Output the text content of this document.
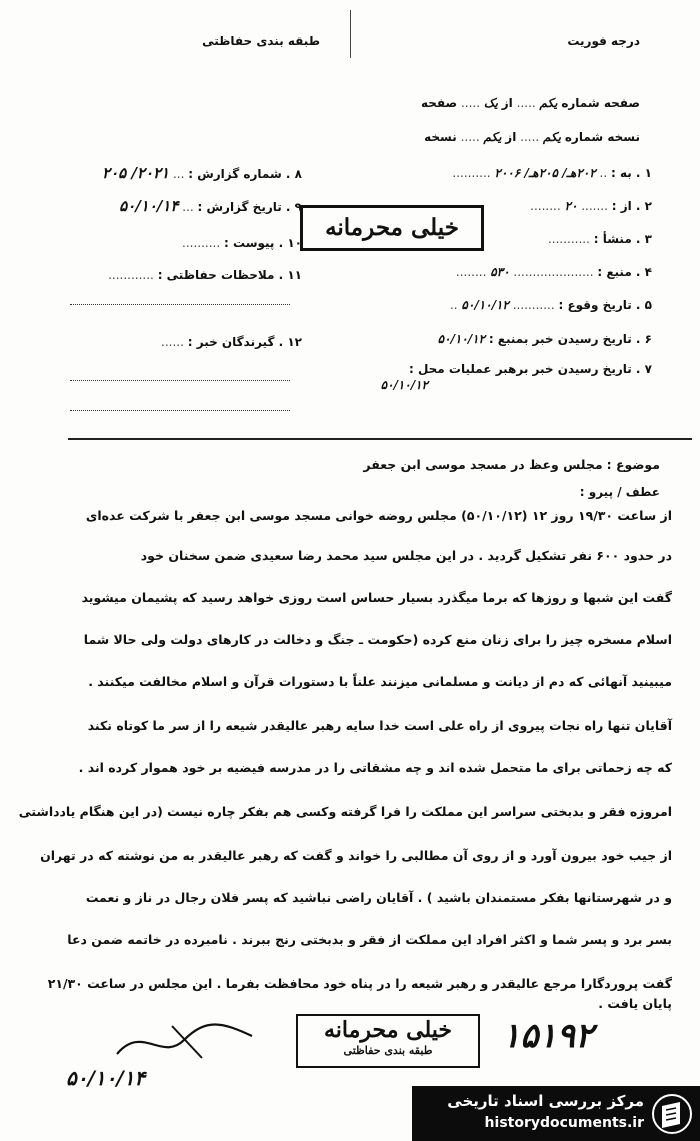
طبقه بندی حفاظتی	درجه فوریت
صفحه شماره یکم ..... از یک ..... صفحه
نسخه شماره یکم ..... از یکم ..... نسخه
۱ . به : .. ۲۰۲هـ/ ۲۰۵هـ/ ۲۰۰۶ ..........
۲ . از : ....... ۲۰ ........
۳ . منشأ : ...........
۴ . منبع : ..................... ۵۳۰ ........
۵ . تاریخ وقوع : ........... ۵۰/۱۰/۱۲ ..
۶ . تاریخ رسیدن خبر بمنبع : ۵۰/۱۰/۱۲
۷ . تاریخ رسیدن خبر برهبر عملیات محل :
۵۰/۱۰/۱۲
۸ . شماره گزارش : ... ۲۰۲۱/ ۲۰۵
۹ . تاریخ گزارش : ... ۵۰/۱۰/۱۴
۱۰ . پیوست : ..........
۱۱ . ملاحظات حفاظتی : ............
۱۲ . گیرندگان خبر : ......
خیلی محرمانه
موضوع : مجلس وعظ در مسجد موسی ابن جعفر
عطف / پیرو :
از ساعت ۱۹/۳۰ روز ۱۲ (۵۰/۱۰/۱۲) مجلس روضه خوانی مسجد موسی ابن جعفر با شرکت عده‌ای
در حدود ۶۰۰ نفر تشکیل گردید . در این مجلس سید محمد رضا سعیدی ضمن سخنان خود
گفت این شبها و روزها که برما میگذرد بسیار حساس است روزی خواهد رسید که پشیمان میشوید
اسلام مسخره چیز را برای زنان منع کرده (حکومت ـ جنگ و دخالت در کارهای دولت ولی حالا شما
میبینید آنهائی که دم از دیانت و مسلمانی میزنند علناً با دستورات قرآن و اسلام مخالفت میکنند .
آقایان تنها راه نجات پیروی از راه علی است خدا سایه رهبر عالیقدر شیعه را از سر ما کوتاه نکند
که چه زحماتی برای ما متحمل شده اند و چه مشقاتی را در مدرسه فیضیه بر خود هموار کرده اند .
امروزه فقر و بدبختی سراسر این مملکت را فرا گرفته وکسی هم بفکر چاره نیست (در این هنگام یادداشتی
از جیب خود بیرون آورد و از روی آن مطالبی را خواند و گفت که رهبر عالیقدر به من نوشته که در تهران
و در شهرستانها بفکر مستمندان باشید ) . آقایان راضی نباشید که پسر فلان رجال در ناز و نعمت
بسر برد و پسر شما و اکثر افراد این مملکت از فقر و بدبختی رنج ببرند . نامبرده در خاتمه ضمن دعا
گفت پروردگارا مرجع عالیقدر و رهبر شیعه را در پناه خود محافظت بفرما . این مجلس در ساعت ۲۱/۳۰
پایان یافت .
خیلی محرمانه
طبقه بندی حفاظتی	۱۵۱۹۲
۵۰/۱۰/۱۴
مرکز بررسی اسناد تاریخی
historydocuments.ir
